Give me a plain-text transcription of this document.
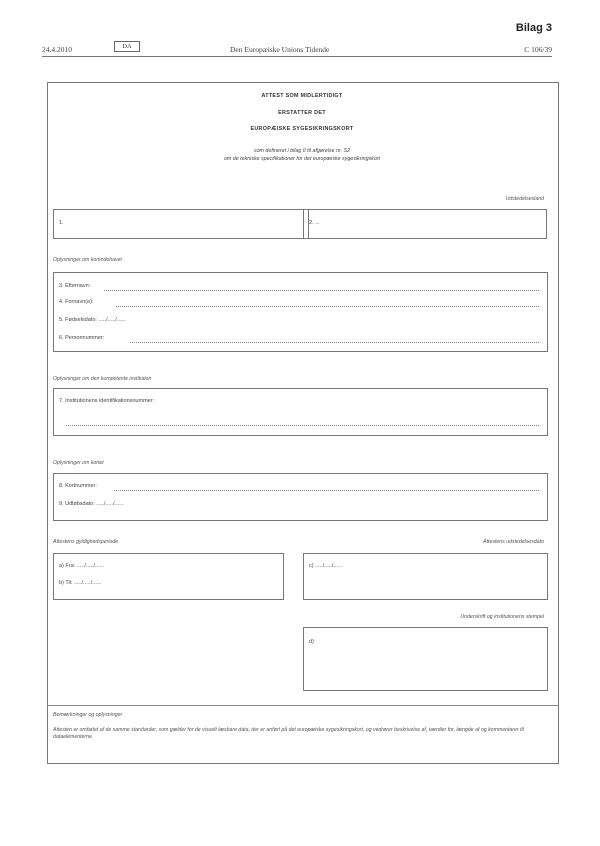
24.4.2010	DA	Den Europæiske Unions Tidende	C 106/39
Bilag 3
ATTEST SOM MIDLERTIDIGT
ERSTATTER DET
EUROPÆISKE SYGESIKRINGSKORT
som defineret i bilag II til afgørelse nr. S2
om de tekniske specifikationer for det europæiske sygesikringskort
Udstedelsesland
1.	2. ...
Oplysninger om kortindehaver
3. Efternavn:
4. Fornavn(e):
5. Fødselsdato: ...../...../......
6. Personnummer:
Oplysninger om den kompetente institution
7. Institutionens identifikationsnummer:
Oplysninger om kortet
8. Kortnummer:
9. Udløbsdato: ...../...../......
Attestens gyldighedsperiode	Attestens udstedelsesdato
a) Fra: ...../...../......
b) Til: ...../...../......
c) ...../...../......
Underskrift og institutionens stempel
d)
Bemærkninger og oplysninger
Attesten er omfattet af de samme standarder, som gælder for de visuelt læsbare data, der er anført på det europæiske sygesikringskort, og vedrører beskrivelse af, værdier for, længde af og kommentarer til dataelementerne.
